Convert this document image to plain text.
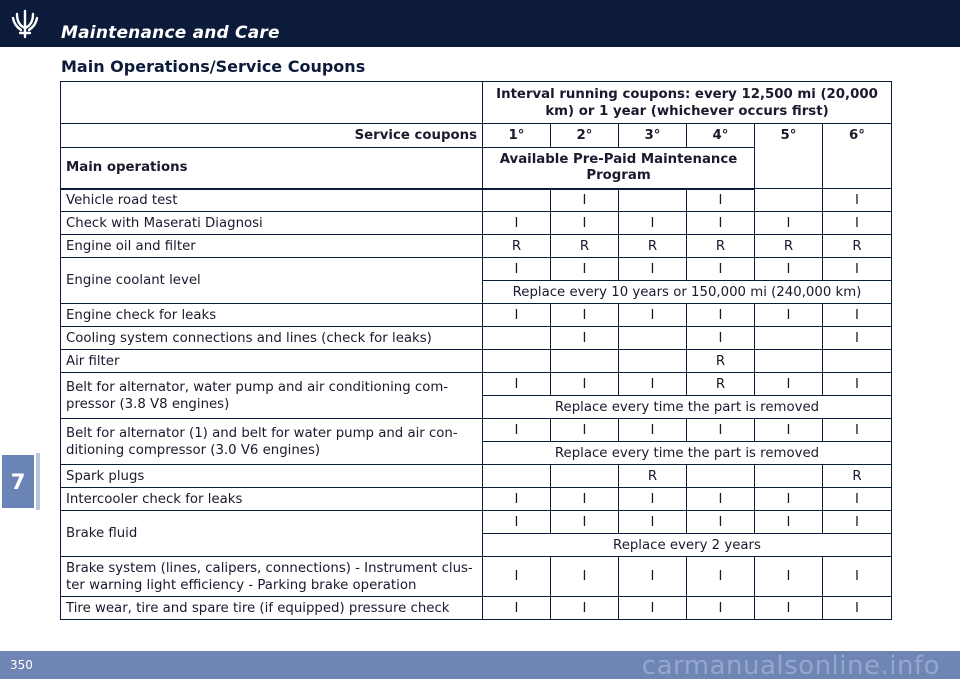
Maintenance and Care
Main Operations/Service Coupons
	Interval running coupons: every 12,500 mi (20,000 km) or 1 year (whichever occurs first)					
Service coupons	1°	2°	3°	4°	5°	6°
Main operations	Available Pre-Paid Maintenance Program					
Vehicle road test		I		I		I
Check with Maserati Diagnosi	I	I	I	I	I	I
Engine oil and filter	R	R	R	R	R	R
Engine coolant level	I	I	I	I	I	I
	Replace every 10 years or 150,000 mi (240,000 km)					
Engine check for leaks	I	I	I	I	I	I
Cooling system connections and lines (check for leaks)		I		I		I
Air filter				R		
Belt for alternator, water pump and air conditioning com-
pressor (3.8 V8 engines)	I	I	I	R	I	I
	Replace every time the part is removed					
Belt for alternator (1) and belt for water pump and air con-
ditioning compressor (3.0 V6 engines)	I	I	I	I	I	I
	Replace every time the part is removed					
Spark plugs			R			R
Intercooler check for leaks	I	I	I	I	I	I
Brake fluid	I	I	I	I	I	I
	Replace every 2 years					
Brake system (lines, calipers, connections) - Instrument clus-
ter warning light efficiency - Parking brake operation	I	I	I	I	I	I
Tire wear, tire and spare tire (if equipped) pressure check	I	I	I	I	I	I
7
350	carmanualsonline.info
